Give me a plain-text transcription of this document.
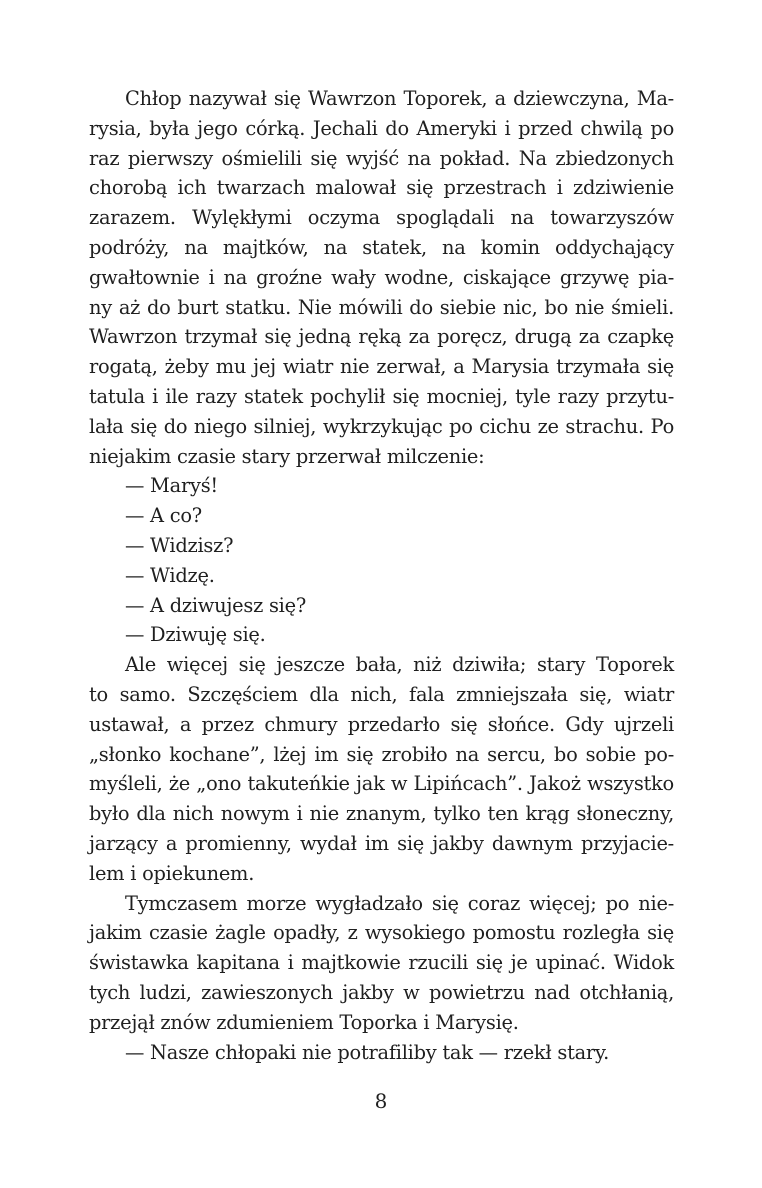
Chłop nazywał się Wawrzon Toporek, a dziewczyna, Ma-
rysia, była jego córką. Jechali do Ameryki i przed chwilą po
raz pierwszy ośmielili się wyjść na pokład. Na zbiedzonych
chorobą ich twarzach malował się przestrach i zdziwienie
zarazem. Wylękłymi oczyma spoglądali na towarzyszów
podróży, na majtków, na statek, na komin oddychający
gwałtownie i na groźne wały wodne, ciskające grzywę pia-
ny aż do burt statku. Nie mówili do siebie nic, bo nie śmieli.
Wawrzon trzymał się jedną ręką za poręcz, drugą za czapkę
rogatą, żeby mu jej wiatr nie zerwał, a Marysia trzymała się
tatula i ile razy statek pochylił się mocniej, tyle razy przytu-
lała się do niego silniej, wykrzykując po cichu ze strachu. Po
niejakim czasie stary przerwał milczenie:
— Maryś!
— A co?
— Widzisz?
— Widzę.
— A dziwujesz się?
— Dziwuję się.
Ale więcej się jeszcze bała, niż dziwiła; stary Toporek
to samo. Szczęściem dla nich, fala zmniejszała się, wiatr
ustawał, a przez chmury przedarło się słońce. Gdy ujrzeli
„słonko kochane”, lżej im się zrobiło na sercu, bo sobie po-
myśleli, że „ono takuteńkie jak w Lipińcach”. Jakoż wszystko
było dla nich nowym i nie znanym, tylko ten krąg słoneczny,
jarzący a promienny, wydał im się jakby dawnym przyjacie-
lem i opiekunem.
Tymczasem morze wygładzało się coraz więcej; po nie-
jakim czasie żagle opadły, z wysokiego pomostu rozległa się
świstawka kapitana i majtkowie rzucili się je upinać. Widok
tych ludzi, zawieszonych jakby w powietrzu nad otchłanią,
przejął znów zdumieniem Toporka i Marysię.
— Nasze chłopaki nie potrafiliby tak — rzekł stary.
8
